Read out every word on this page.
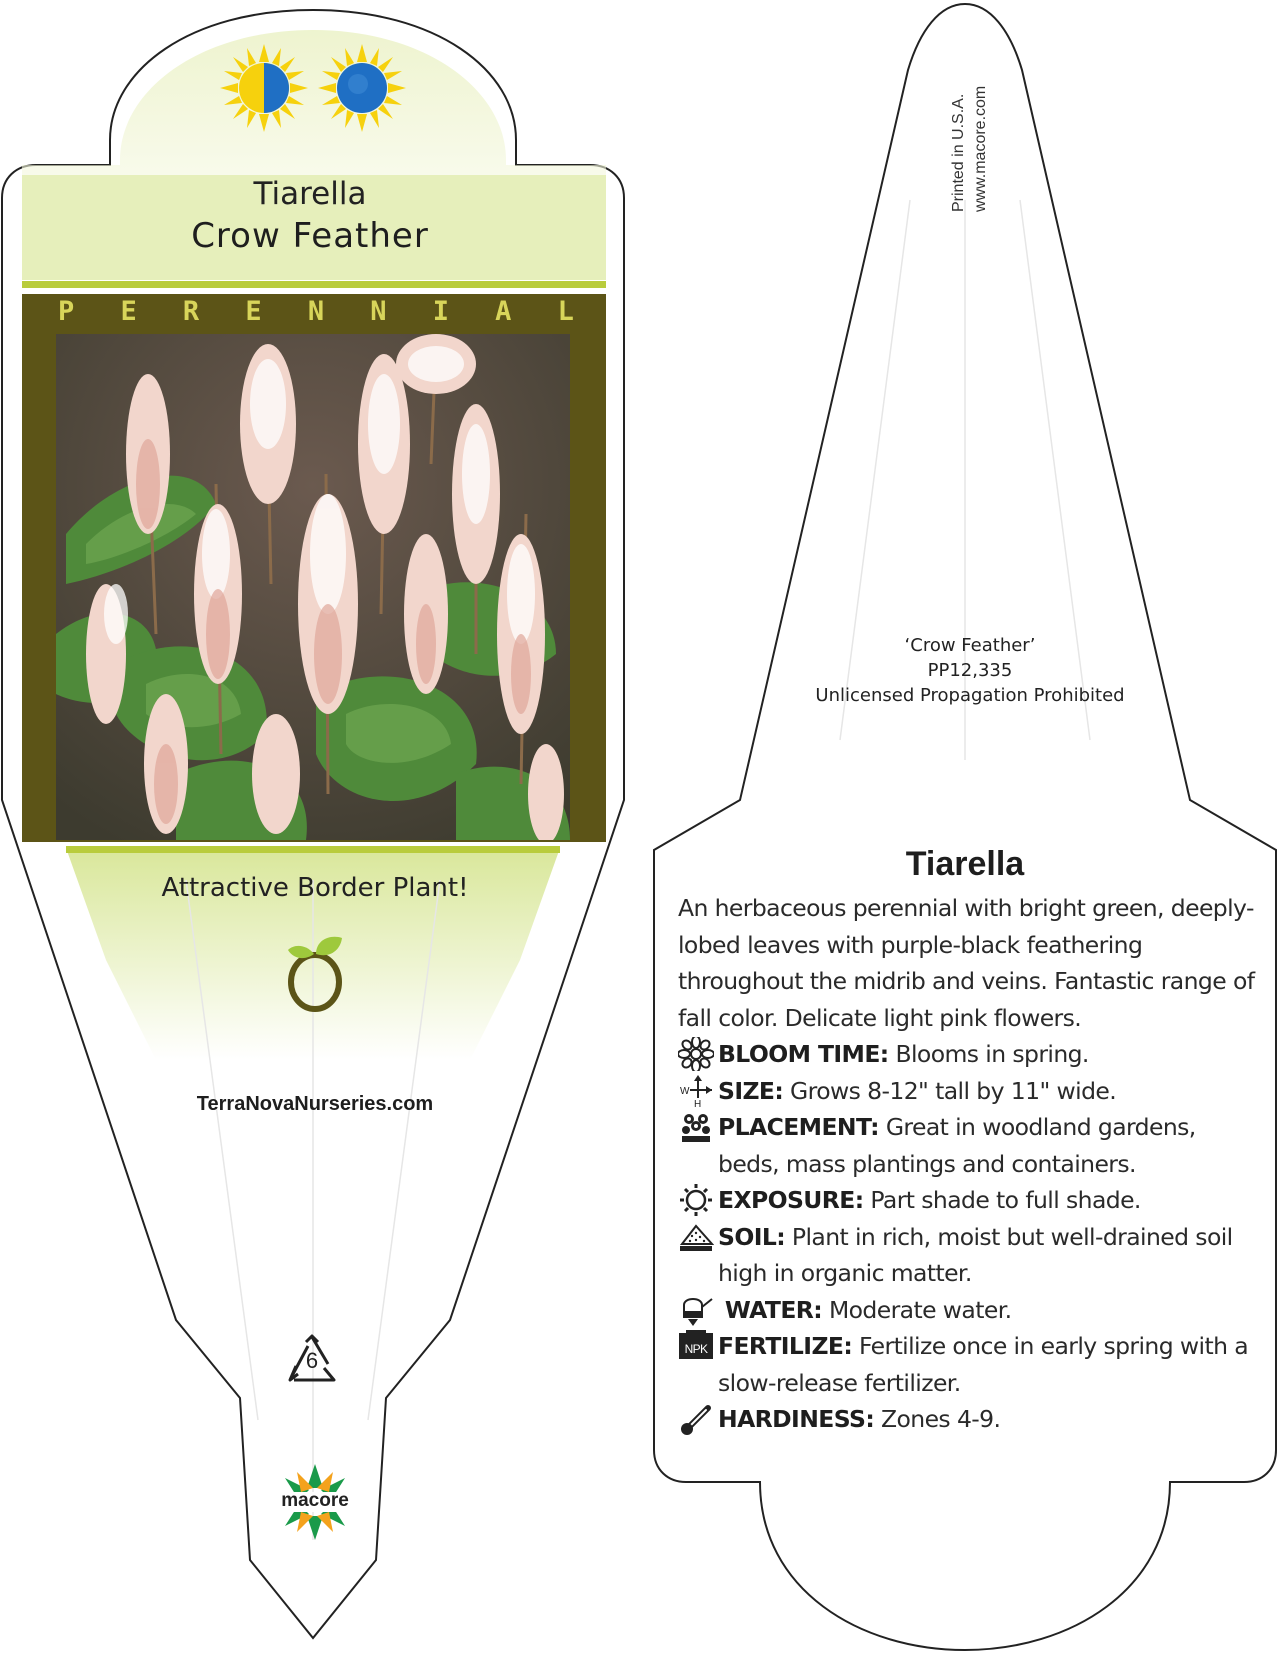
Tiarella
Crow Feather
P E R E N N I A L
Attractive Border Plant!
TerraNovaNurseries.com
6
macore
Printed in U.S.A. www.macore.com
‘Crow Feather’
PP12,335
Unlicensed Propagation Prohibited
Tiarella
An herbaceous perennial with bright green, deeply-lobed leaves with purple-black feathering throughout the midrib and veins. Fantastic range of fall color. Delicate light pink flowers.
BLOOM TIME: Blooms in spring.
W
H SIZE: Grows 8-12" tall by 11" wide.
PLACEMENT: Great in woodland gardens, beds, mass plantings and containers.
EXPOSURE: Part shade to full shade.
SOIL: Plant in rich, moist but well-drained soil high in organic matter.
WATER: Moderate water.
NPK FERTILIZE: Fertilize once in early spring with a slow-release fertilizer.
HARDINESS: Zones 4-9.
